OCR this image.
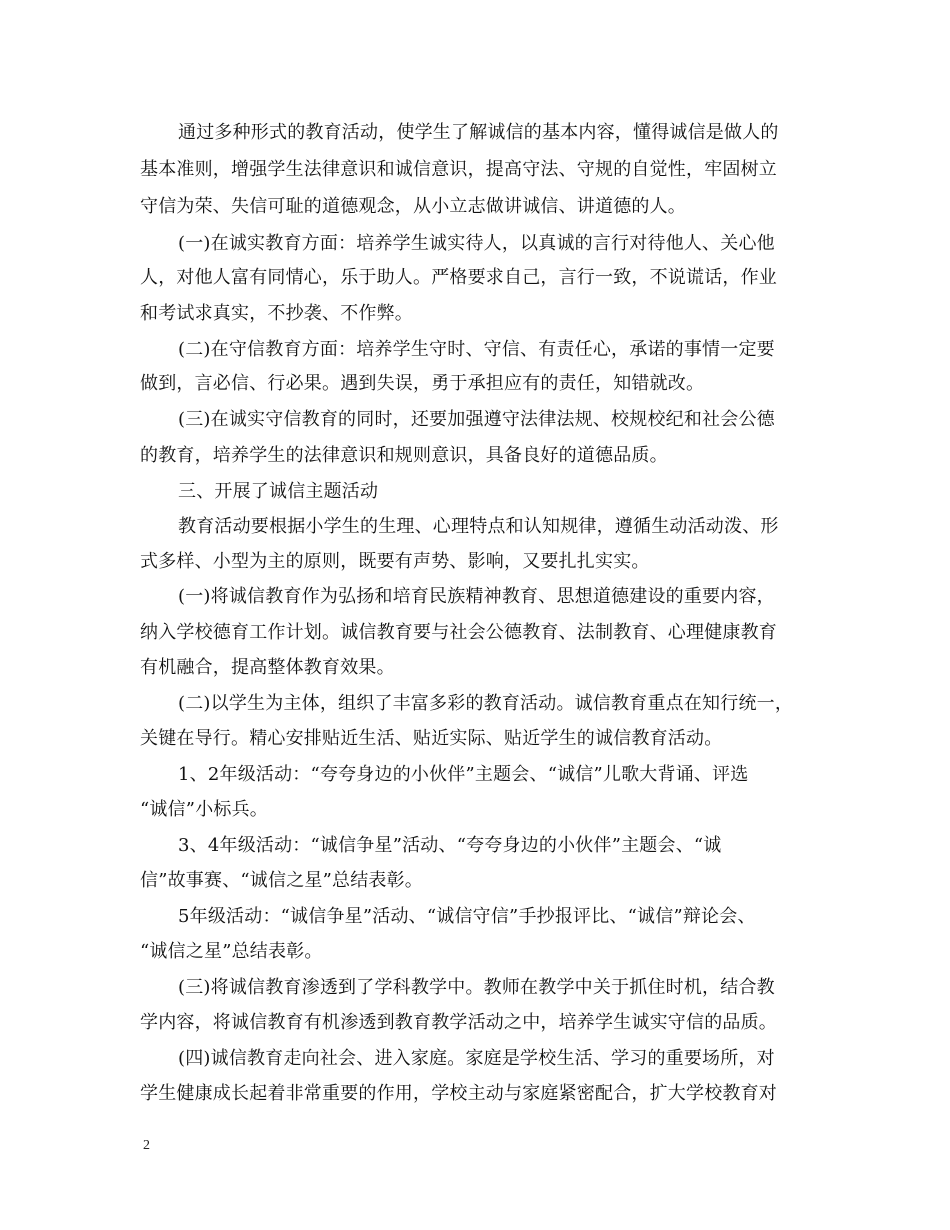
通过多种形式的教育活动，使学生了解诚信的基本内容，懂得诚信是做人的
基本准则，增强学生法律意识和诚信意识，提高守法、守规的自觉性，牢固树立
守信为荣、失信可耻的道德观念，从小立志做讲诚信、讲道德的人。
(一)在诚实教育方面：培养学生诚实待人，以真诚的言行对待他人、关心他
人，对他人富有同情心，乐于助人。严格要求自己，言行一致，不说谎话，作业
和考试求真实，不抄袭、不作弊。
(二)在守信教育方面：培养学生守时、守信、有责任心，承诺的事情一定要
做到，言必信、行必果。遇到失误，勇于承担应有的责任，知错就改。
(三)在诚实守信教育的同时，还要加强遵守法律法规、校规校纪和社会公德
的教育，培养学生的法律意识和规则意识，具备良好的道德品质。
三、开展了诚信主题活动
教育活动要根据小学生的生理、心理特点和认知规律，遵循生动活动泼、形
式多样、小型为主的原则，既要有声势、影响，又要扎扎实实。
(一)将诚信教育作为弘扬和培育民族精神教育、思想道德建设的重要内容，
纳入学校德育工作计划。诚信教育要与社会公德教育、法制教育、心理健康教育
有机融合，提高整体教育效果。
(二)以学生为主体，组织了丰富多彩的教育活动。诚信教育重点在知行统一，
关键在导行。精心安排贴近生活、贴近实际、贴近学生的诚信教育活动。
1、2年级活动：“夸夸身边的小伙伴”主题会、“诚信”儿歌大背诵、评选
“诚信”小标兵。
3、4年级活动：“诚信争星”活动、“夸夸身边的小伙伴”主题会、“诚
信”故事赛、“诚信之星”总结表彰。
5年级活动：“诚信争星”活动、“诚信守信”手抄报评比、“诚信”辩论会、
“诚信之星”总结表彰。
(三)将诚信教育渗透到了学科教学中。教师在教学中关于抓住时机，结合教
学内容，将诚信教育有机渗透到教育教学活动之中，培养学生诚实守信的品质。
(四)诚信教育走向社会、进入家庭。家庭是学校生活、学习的重要场所，对
学生健康成长起着非常重要的作用，学校主动与家庭紧密配合，扩大学校教育对
2
